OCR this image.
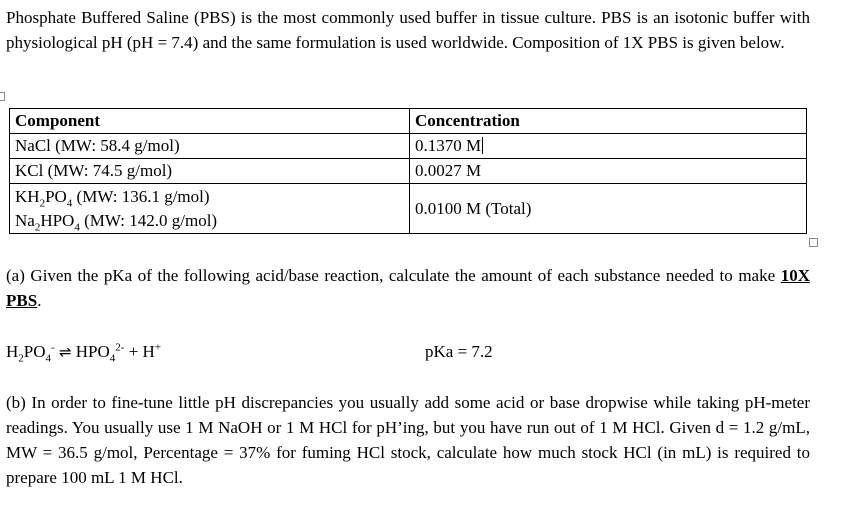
Phosphate Buffered Saline (PBS) is the most commonly used buffer in tissue culture. PBS is an isotonic buffer with physiological pH (pH = 7.4) and the same formulation is used worldwide. Composition of 1X PBS is given below.

Component	Concentration
NaCl (MW: 58.4 g/mol)	0.1370 M
KCl (MW: 74.5 g/mol)	0.0027 M

$KH_2PO_4$ (MW: 136.1 g/mol)
$Na_2HPO_4$ (MW: 142.0 g/mol)	0.0100 M (Total)

(a) Given the pKa of the following acid/base reaction, calculate the amount of each substance needed to make 10X PBS.

$H_2PO_4^-$ ⇌ $HPO_4^{2-} + H^+$	pKa = 7.2

(b) In order to fine-tune little pH discrepancies you usually add some acid or base dropwise while taking pH-meter readings. You usually use 1 M NaOH or 1 M HCl for pH’ing, but you have run out of 1 M HCl. Given d = 1.2 g/mL, MW = 36.5 g/mol, Percentage = 37% for fuming HCl stock, calculate how much stock HCl (in mL) is required to prepare 100 mL 1 M HCl.
